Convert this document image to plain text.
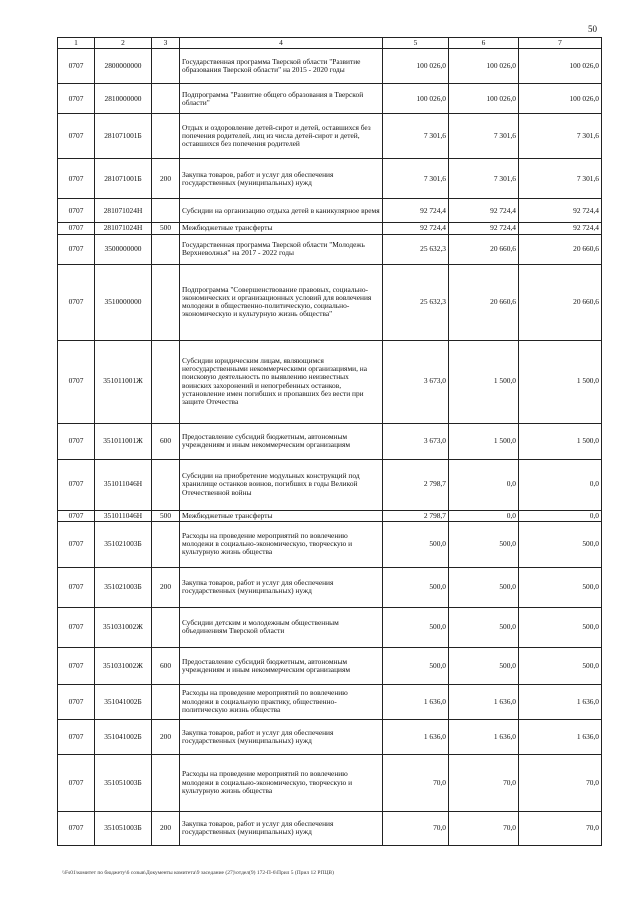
50
1	2	3	4	5	6	7
0707	2800000000		Государственная программа Тверской области "Развитие образования Тверской области" на 2015 - 2020 годы	100 026,0	100 026,0	100 026,0
0707	2810000000		Подпрограмма "Развитие общего образования в Тверской области"	100 026,0	100 026,0	100 026,0
0707	281071001Б		Отдых и оздоровление детей-сирот и детей, оставшихся без попечения родителей, лиц из числа детей-сирот и детей, оставшихся без попечения родителей	7 301,6	7 301,6	7 301,6
0707	281071001Б	200	Закупка товаров, работ и услуг для обеспечения государственных (муниципальных) нужд	7 301,6	7 301,6	7 301,6
0707	281071024Н		Субсидии на организацию отдыха детей в каникулярное время	92 724,4	92 724,4	92 724,4
0707	281071024Н	500	Межбюджетные трансферты	92 724,4	92 724,4	92 724,4
0707	3500000000		Государственная программа Тверской области "Молодежь Верхневолжья" на 2017 - 2022 годы	25 632,3	20 660,6	20 660,6
0707	3510000000		Подпрограмма "Совершенствование правовых, социально-экономических и организационных условий для вовлечения молодежи в общественно-политическую, социально-экономическую и культурную жизнь общества"	25 632,3	20 660,6	20 660,6
0707	351011001Ж		Субсидии юридическим лицам, являющимся негосударственными некоммерческими организациями, на поисковую деятельность по выявлению неизвестных воинских захоронений и непогребенных останков, установление имен погибших и пропавших без вести при защите Отечества	3 673,0	1 500,0	1 500,0
0707	351011001Ж	600	Предоставление субсидий бюджетным, автономным учреждениям и иным некоммерческим организациям	3 673,0	1 500,0	1 500,0
0707	351011046Н		Субсидии на приобретение модульных конструкций под хранилище останков воинов, погибших в годы Великой Отечественной войны	2 798,7	0,0	0,0
0707	351011046Н	500	Межбюджетные трансферты	2 798,7	0,0	0,0
0707	351021003Б		Расходы на проведение мероприятий по вовлечению молодежи в социально-экономическую, творческую и культурную жизнь общества	500,0	500,0	500,0
0707	351021003Б	200	Закупка товаров, работ и услуг для обеспечения государственных (муниципальных) нужд	500,0	500,0	500,0
0707	351031002Ж		Субсидии детским и молодежным общественным объединениям Тверской области	500,0	500,0	500,0
0707	351031002Ж	600	Предоставление субсидий бюджетным, автономным учреждениям и иным некоммерческим организациям	500,0	500,0	500,0
0707	351041002Б		Расходы на проведение мероприятий по вовлечению молодежи в социальную практику, общественно-политическую жизнь общества	1 636,0	1 636,0	1 636,0
0707	351041002Б	200	Закупка товаров, работ и услуг для обеспечения государственных (муниципальных) нужд	1 636,0	1 636,0	1 636,0
0707	351051003Б		Расходы на проведение мероприятий по вовлечению молодежи в социально-экономическую, творческую и культурную жизнь общества	70,0	70,0	70,0
0707	351051003Б	200	Закупка товаров, работ и услуг для обеспечения государственных (муниципальных) нужд	70,0	70,0	70,0
\\Fs01\комитет по бюджету\6 созыв\Документы комитета\9 заседание (27)\отдел(9) 172-П-6\Прил 5 (Прил 12 РПЦВ)
